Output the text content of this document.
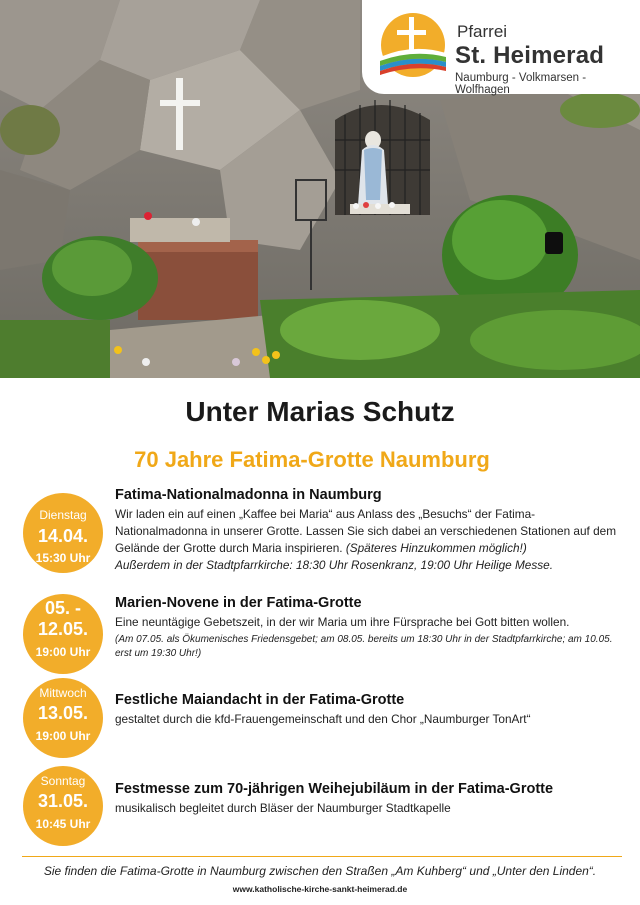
Pfarrei
St. Heimerad
Naumburg - Volkmarsen - Wolfhagen
Unter Marias Schutz
70 Jahre Fatima-Grotte Naumburg
Dienstag
14.04.
15:30 Uhr
Fatima-Nationalmadonna in Naumburg
Wir laden ein auf einen „Kaffee bei Maria“ aus Anlass des „Besuchs“ der Fatima-Nationalmadonna in unserer Grotte. Lassen Sie sich dabei an verschiedenen Stationen auf dem Gelände der Grotte durch Maria inspirieren. (Späteres Hinzukommen möglich!)
Außerdem in der Stadtpfarrkirche: 18:30 Uhr Rosenkranz, 19:00 Uhr Heilige Messe.
05. -
12.05.
19:00 Uhr
Marien-Novene in der Fatima-Grotte
Eine neuntägige Gebetszeit, in der wir Maria um ihre Fürsprache bei Gott bitten wollen.
(Am 07.05. als Ökumenisches Friedensgebet; am 08.05. bereits um 18:30 Uhr in der Stadtpfarrkirche; am 10.05. erst um 19:30 Uhr!)
Mittwoch
13.05.
19:00 Uhr
Festliche Maiandacht in der Fatima-Grotte
gestaltet durch die kfd-Frauengemeinschaft und den Chor „Naumburger TonArt“
Sonntag
31.05.
10:45 Uhr
Festmesse zum 70-jährigen Weihejubiläum in der Fatima-Grotte
musikalisch begleitet durch Bläser der Naumburger Stadtkapelle
Sie finden die Fatima-Grotte in Naumburg zwischen den Straßen „Am Kuhberg“ und „Unter den Linden“.
www.katholische-kirche-sankt-heimerad.de
